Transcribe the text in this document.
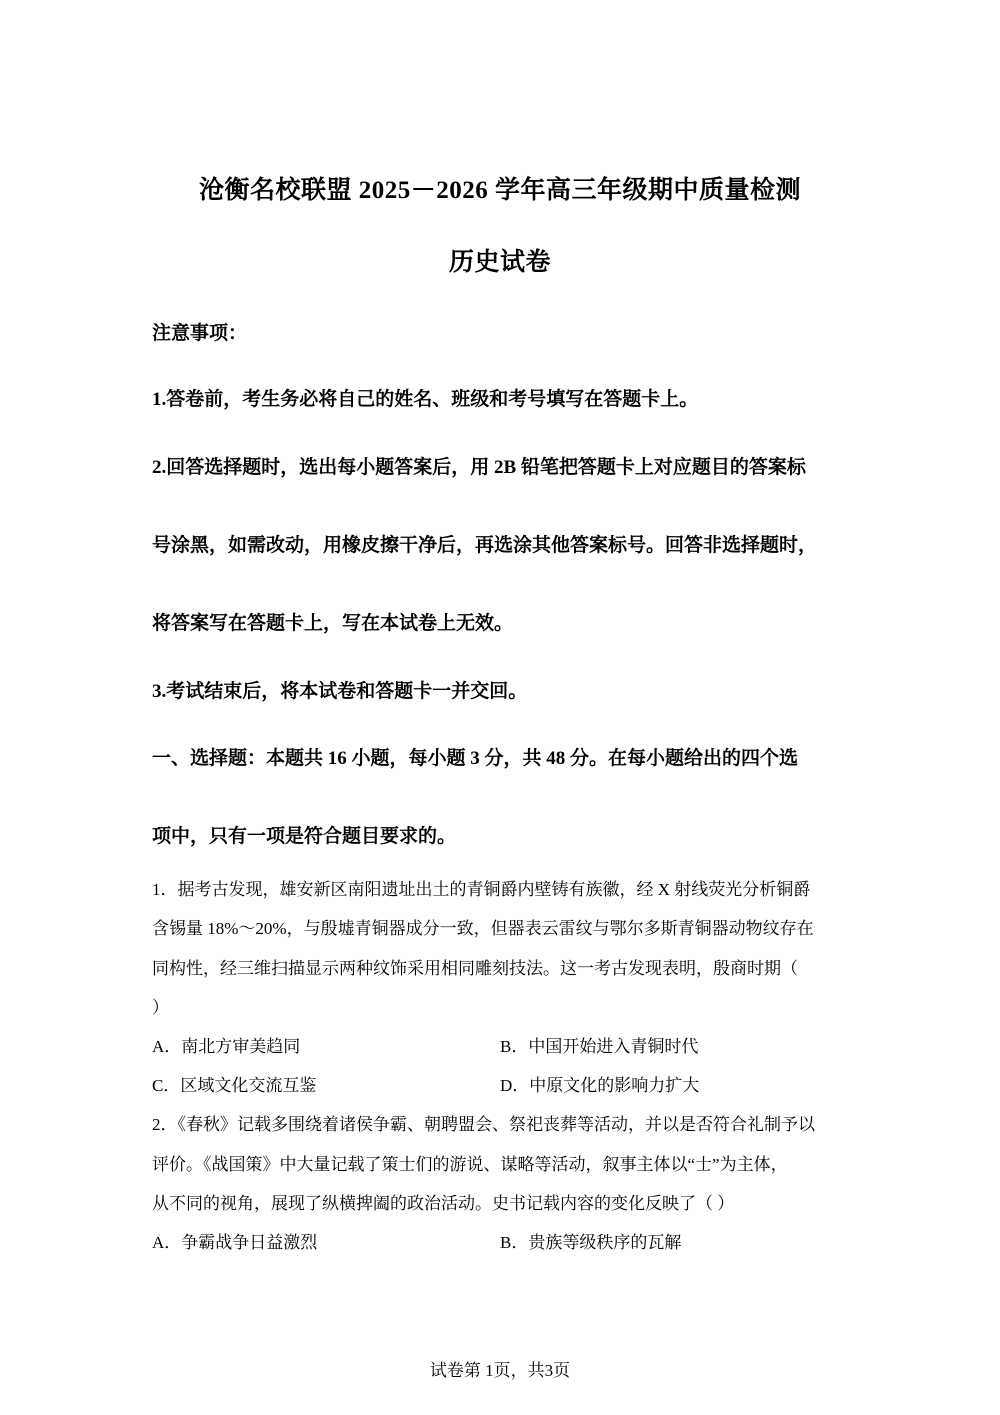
沧衡名校联盟 2025－2026 学年高三年级期中质量检测
历史试卷
注意事项：
1.答卷前，考生务必将自己的姓名、班级和考号填写在答题卡上。
2.回答选择题时，选出每小题答案后，用 2B 铅笔把答题卡上对应题目的答案标
号涂黑，如需改动，用橡皮擦干净后，再选涂其他答案标号。回答非选择题时，
将答案写在答题卡上，写在本试卷上无效。
3.考试结束后，将本试卷和答题卡一并交回。
一、选择题：本题共 16 小题，每小题 3 分，共 48 分。在每小题给出的四个选
项中，只有一项是符合题目要求的。
1．据考古发现，雄安新区南阳遗址出土的青铜爵内壁铸有族徽，经 X 射线荧光分析铜爵
含锡量 18%～20%，与殷墟青铜器成分一致，但器表云雷纹与鄂尔多斯青铜器动物纹存在
同构性，经三维扫描显示两种纹饰采用相同雕刻技法。这一考古发现表明，殷商时期（
）
A．南北方审美趋同	B．中国开始进入青铜时代
C．区域文化交流互鉴	D．中原文化的影响力扩大
2．《春秋》记载多围绕着诸侯争霸、朝聘盟会、祭祀丧葬等活动，并以是否符合礼制予以
评价。《战国策》中大量记载了策士们的游说、谋略等活动，叙事主体以“士”为主体，
从不同的视角，展现了纵横捭阖的政治活动。史书记载内容的变化反映了（ ）
A．争霸战争日益激烈	B．贵族等级秩序的瓦解
试卷第 1页，共3页
